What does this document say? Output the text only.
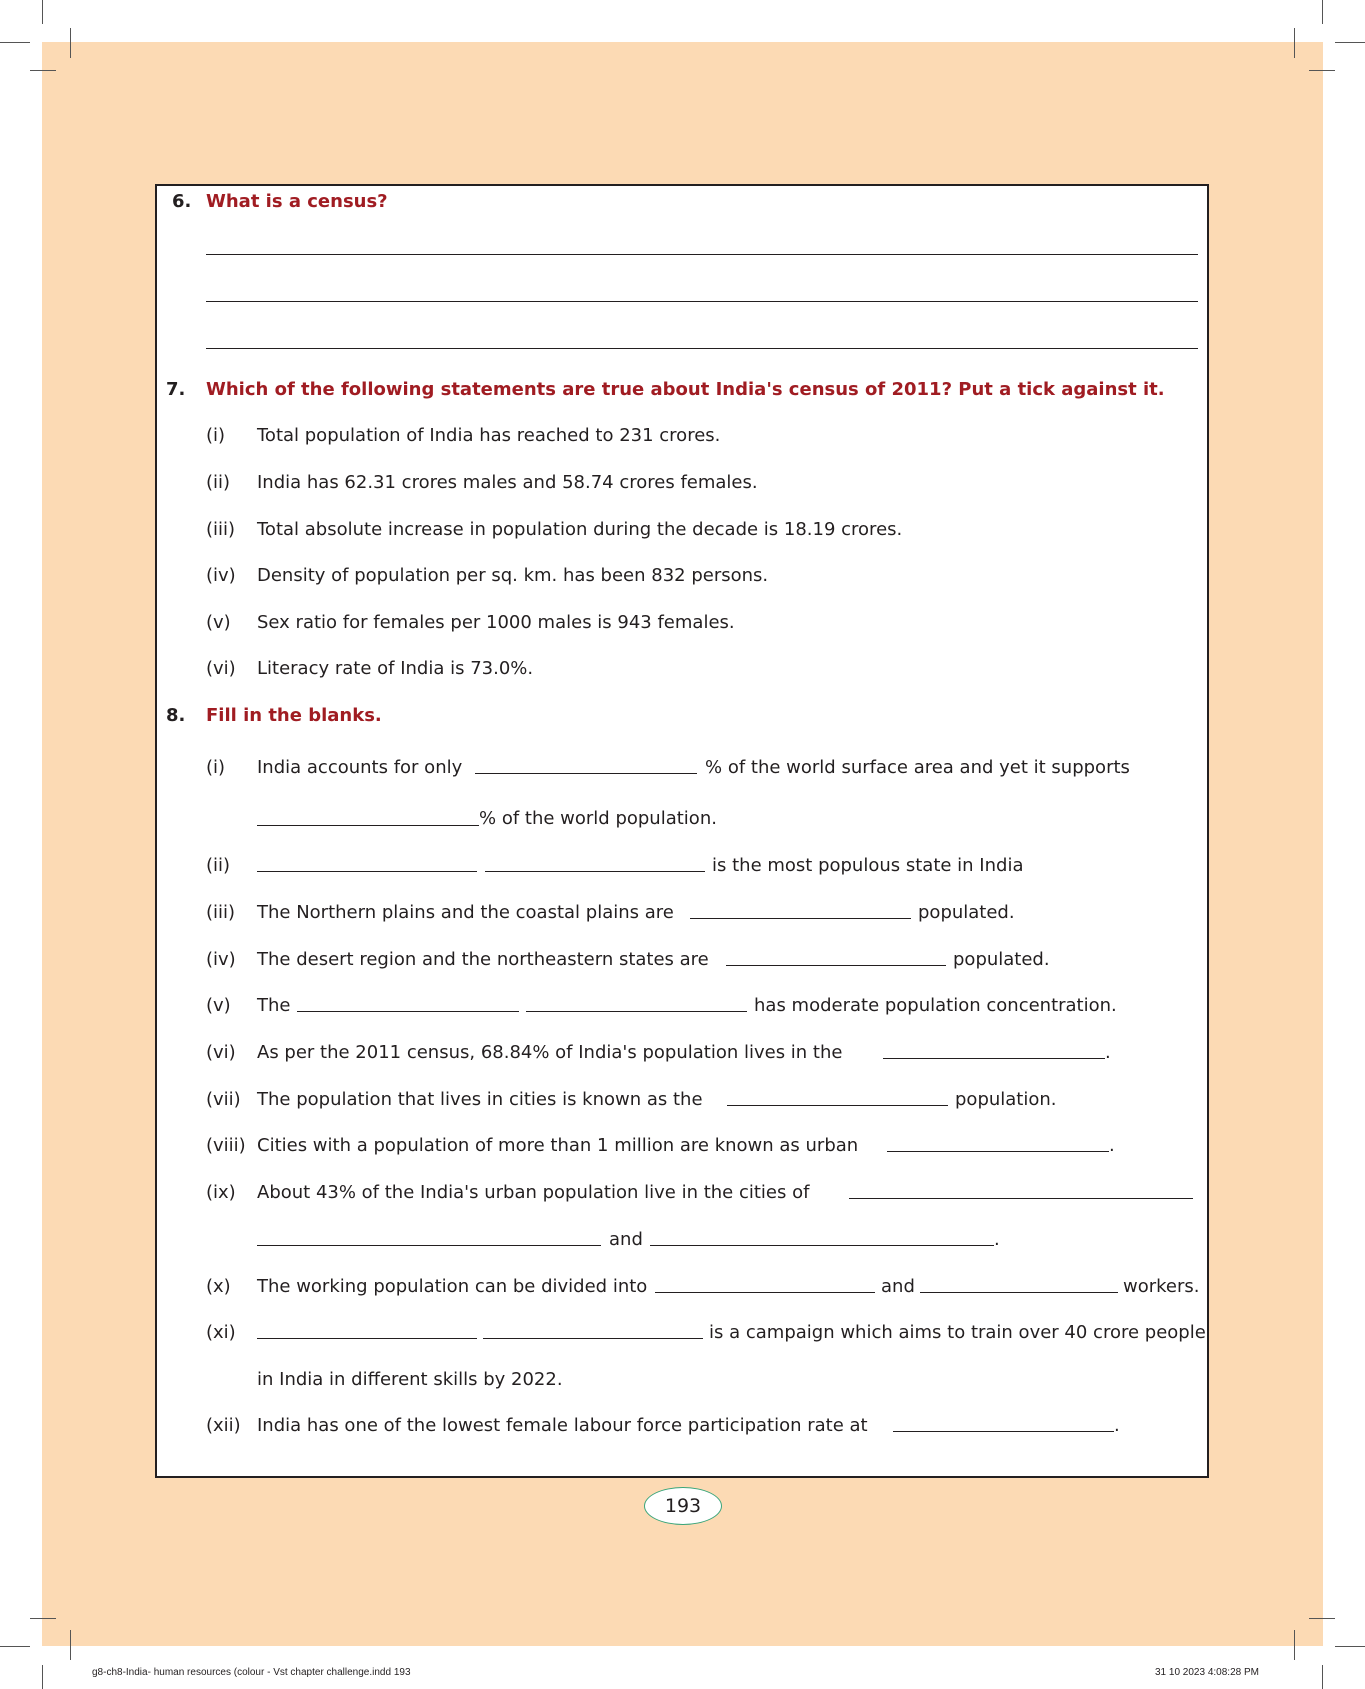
6. What is a census?
7. Which of the following statements are true about India's census of 2011? Put a tick against it.
(i) Total population of India has reached to 231 crores.
(ii) India has 62.31 crores males and 58.74 crores females.
(iii) Total absolute increase in population during the decade is 18.19 crores.
(iv) Density of population per sq. km. has been 832 persons.
(v) Sex ratio for females per 1000 males is 943 females.
(vi) Literacy rate of India is 73.0%.
8. Fill in the blanks.
(i) India accounts for only	% of the world surface area and yet it supports
% of the world population.
(ii)	is the most populous state in India
(iii) The Northern plains and the coastal plains are	populated.
(iv) The desert region and the northeastern states are	populated.
(v) The	has moderate population concentration.
(vi) As per the 2011 census, 68.84% of India's population lives in the	.
(vii) The population that lives in cities is known as the	population.
(viii) Cities with a population of more than 1 million are known as urban	.
(ix) About 43% of the India's urban population live in the cities of
and	.
(x) The working population can be divided into	and	workers.
(xi)	is a campaign which aims to train over 40 crore people
in India in different skills by 2022.
(xii) India has one of the lowest female labour force participation rate at	.
193
g8-ch8-India- human resources (colour - Vst chapter challenge.indd 193	31 10 2023 4:08:28 PM
